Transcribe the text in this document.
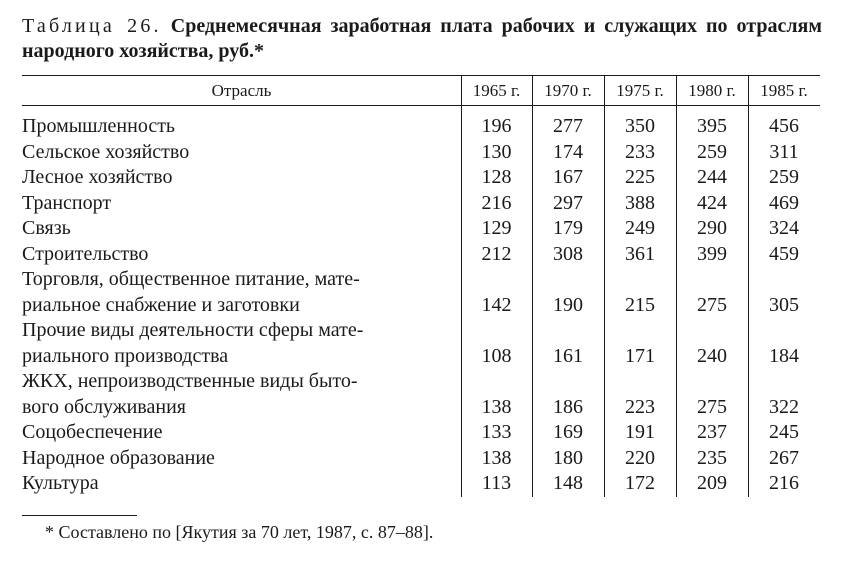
Таблица 26. Среднемесячная заработная плата рабочих и служащих по отраслям народного хозяйства, руб.*
Отрасль	1965 г.	1970 г.	1975 г.	1980 г.	1985 г.
Промышленность	196	277	350	395	456
Сельское хозяйство	130	174	233	259	311
Лесное хозяйство	128	167	225	244	259
Транспорт	216	297	388	424	469
Связь	129	179	249	290	324
Строительство	212	308	361	399	459
Торговля, общественное питание, мате-
риальное снабжение и заготовки	142	190	215	275	305
Прочие виды деятельности сферы мате-
риального производства	108	161	171	240	184
ЖКХ, непроизводственные виды быто-
вого обслуживания	138	186	223	275	322
Соцобеспечение	133	169	191	237	245
Народное образование	138	180	220	235	267
Культура	113	148	172	209	216
* Составлено по [Якутия за 70 лет, 1987, с. 87–88].
